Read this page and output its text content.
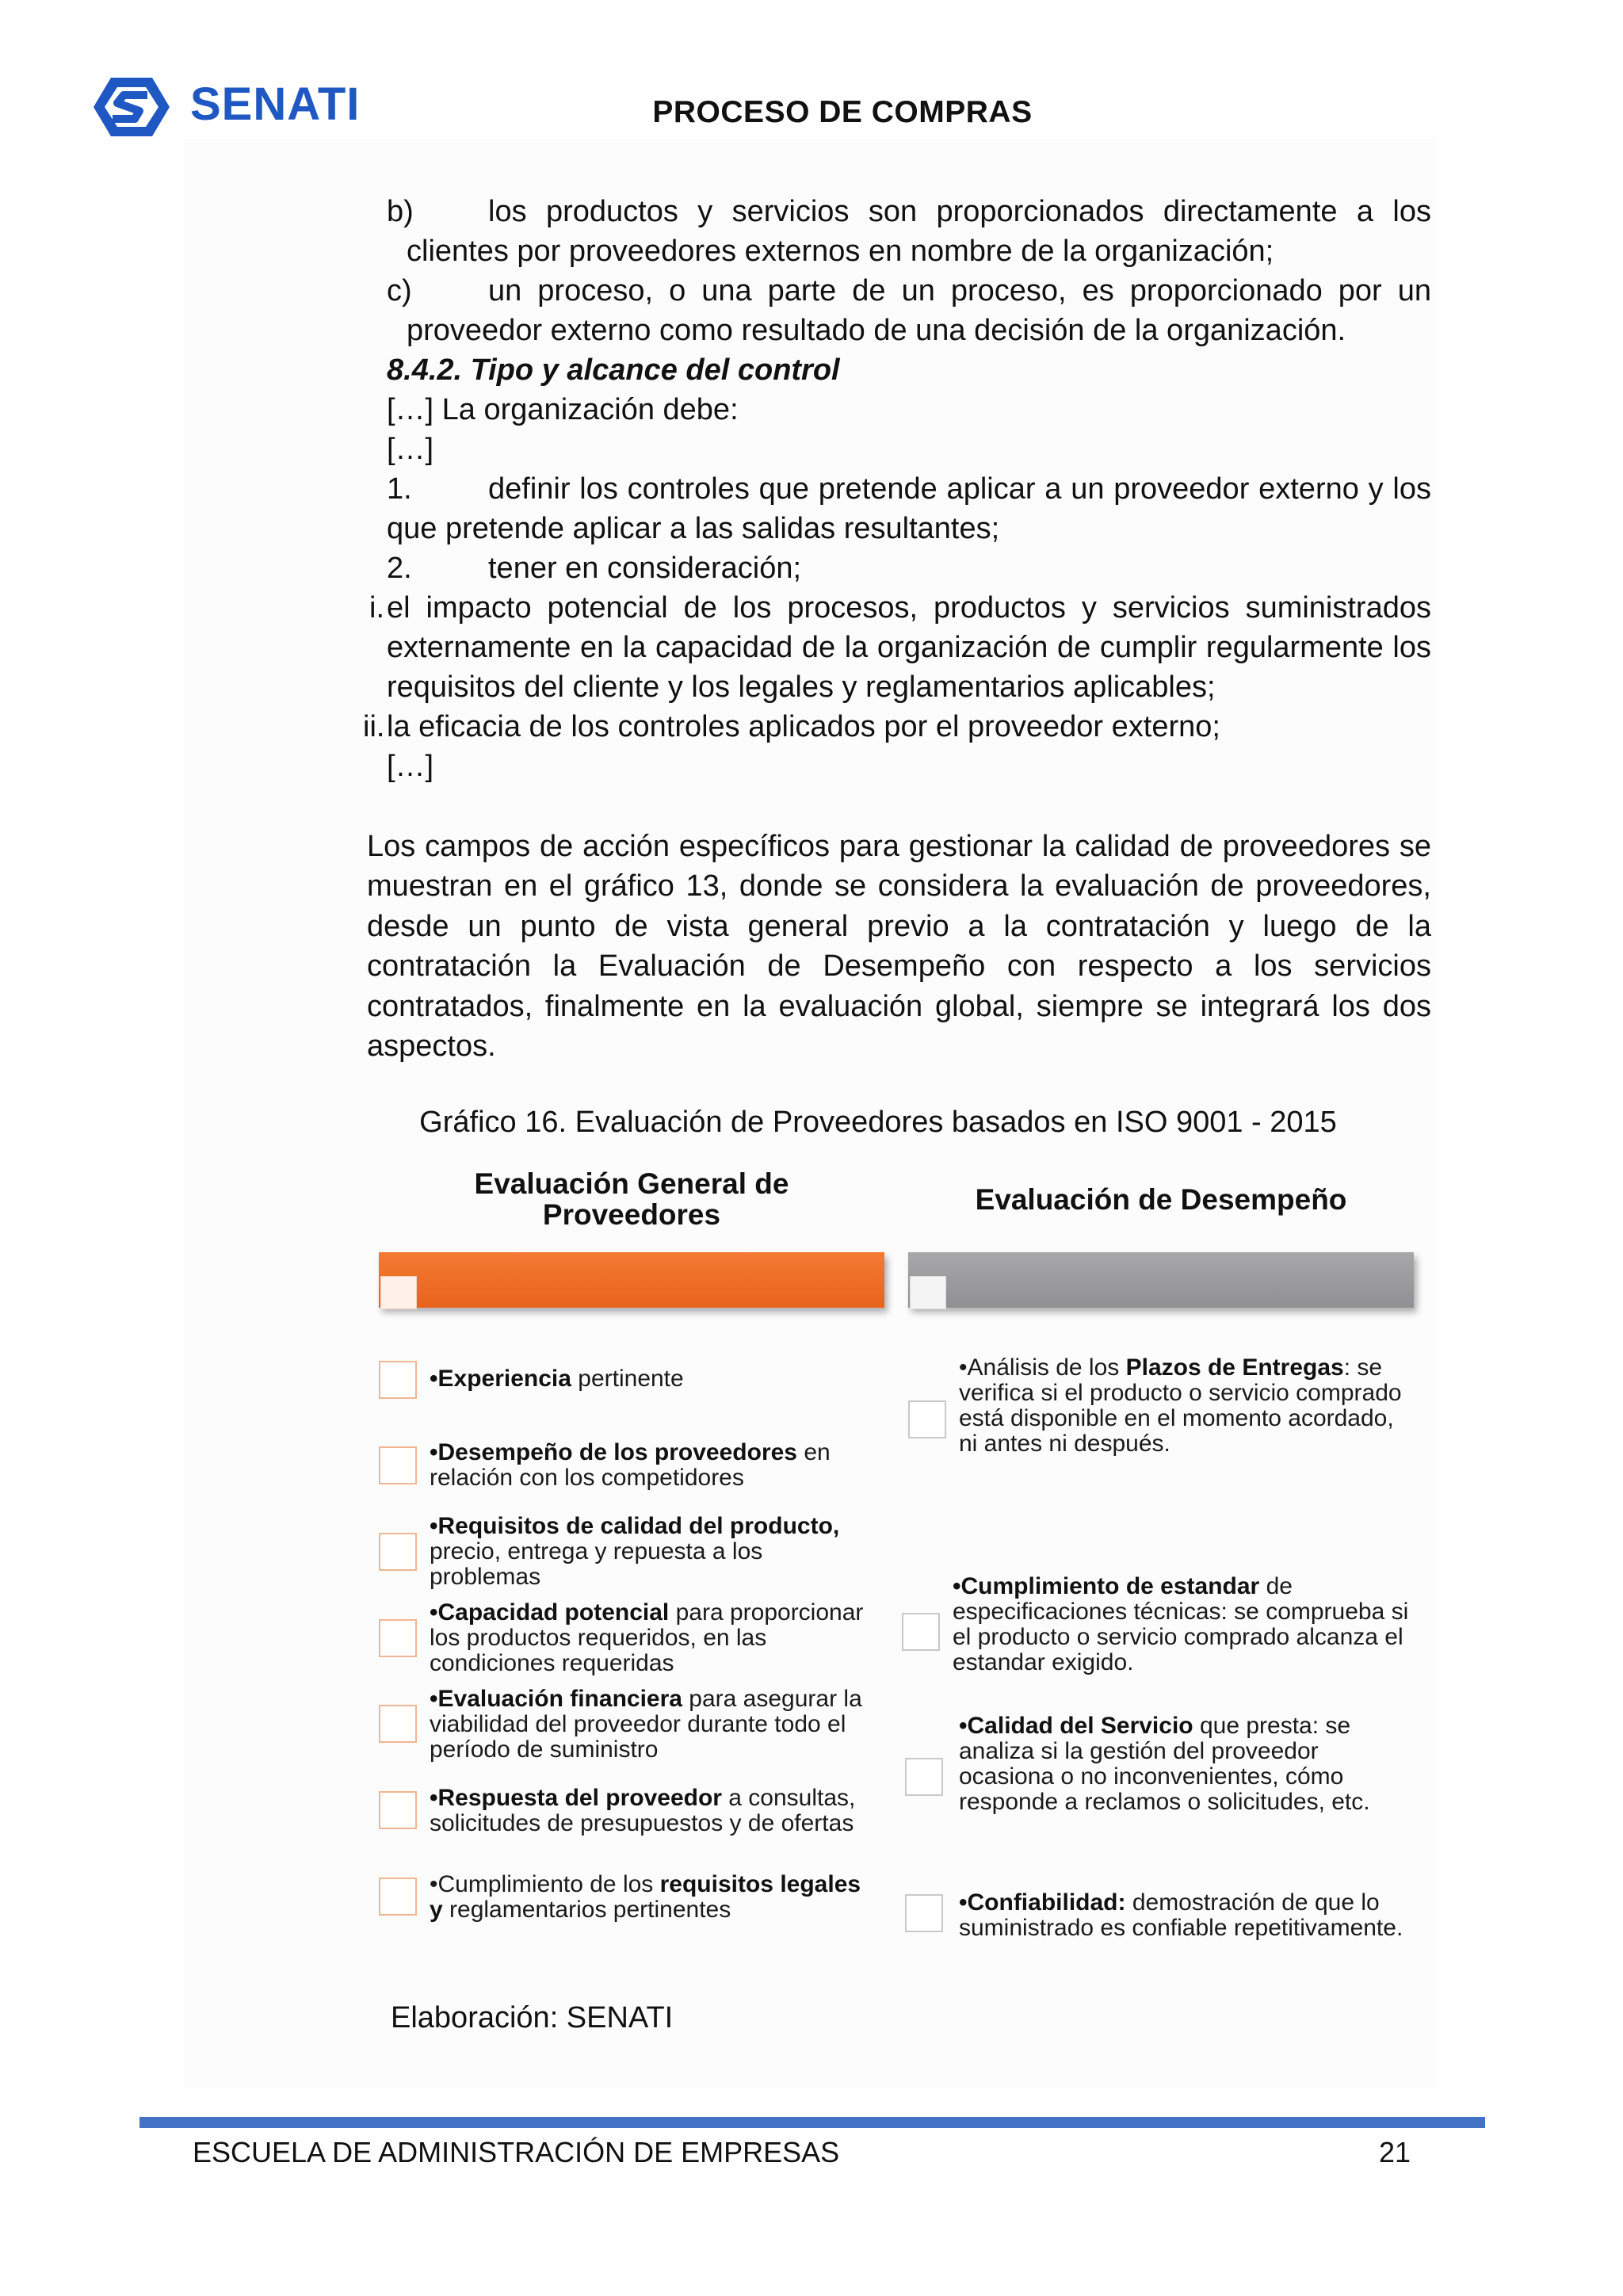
SENATI	PROCESO DE COMPRAS
b) los productos y servicios son proporcionados directamente a los
clientes por proveedores externos en nombre de la organización;
c)	un proceso, o una parte de un proceso, es proporcionado por un
proveedor externo como resultado de una decisión de la organización.
8.4.2. Tipo y alcance del control
[…] La organización debe:
[…]
1.	definir los controles que pretende aplicar a un proveedor externo y los
que pretende aplicar a las salidas resultantes;
2.	tener en consideración;
i. el impacto potencial de los procesos, productos y servicios suministrados
externamente en la capacidad de la organización de cumplir regularmente los
requisitos del cliente y los legales y reglamentarios aplicables;
ii. la eficacia de los controles aplicados por el proveedor externo;
[…]
Los campos de acción específicos para gestionar la calidad de proveedores se muestran en el gráfico 13, donde se considera la evaluación de proveedores, desde un punto de vista general previo a la contratación y luego de la contratación la Evaluación de Desempeño con respecto a los servicios contratados, finalmente en la evaluación global, siempre se integrará los dos aspectos.
Gráfico 16. Evaluación de Proveedores basados en ISO 9001 - 2015
Evaluación General de
Proveedores	Evaluación de Desempeño
•Experiencia pertinente
•Desempeño de los proveedores en relación con los competidores
•Requisitos de calidad del producto, precio, entrega y repuesta a los problemas
•Capacidad potencial para proporcionar los productos requeridos, en las condiciones requeridas
•Evaluación financiera para asegurar la viabilidad del proveedor durante todo el período de suministro
•Respuesta del proveedor a consultas, solicitudes de presupuestos y de ofertas
•Cumplimiento de los requisitos legales y reglamentarios pertinentes
•Análisis de los Plazos de Entregas: se verifica si el producto o servicio comprado está disponible en el momento acordado, ni antes ni después.
•Cumplimiento de estandar de especificaciones técnicas: se comprueba si el producto o servicio comprado alcanza el estandar exigido.
•Calidad del Servicio que presta: se analiza si la gestión del proveedor ocasiona o no inconvenientes, cómo responde a reclamos o solicitudes, etc.
•Confiabilidad: demostración de que lo suministrado es confiable repetitivamente.
Elaboración: SENATI
ESCUELA DE ADMINISTRACIÓN DE EMPRESAS	21
